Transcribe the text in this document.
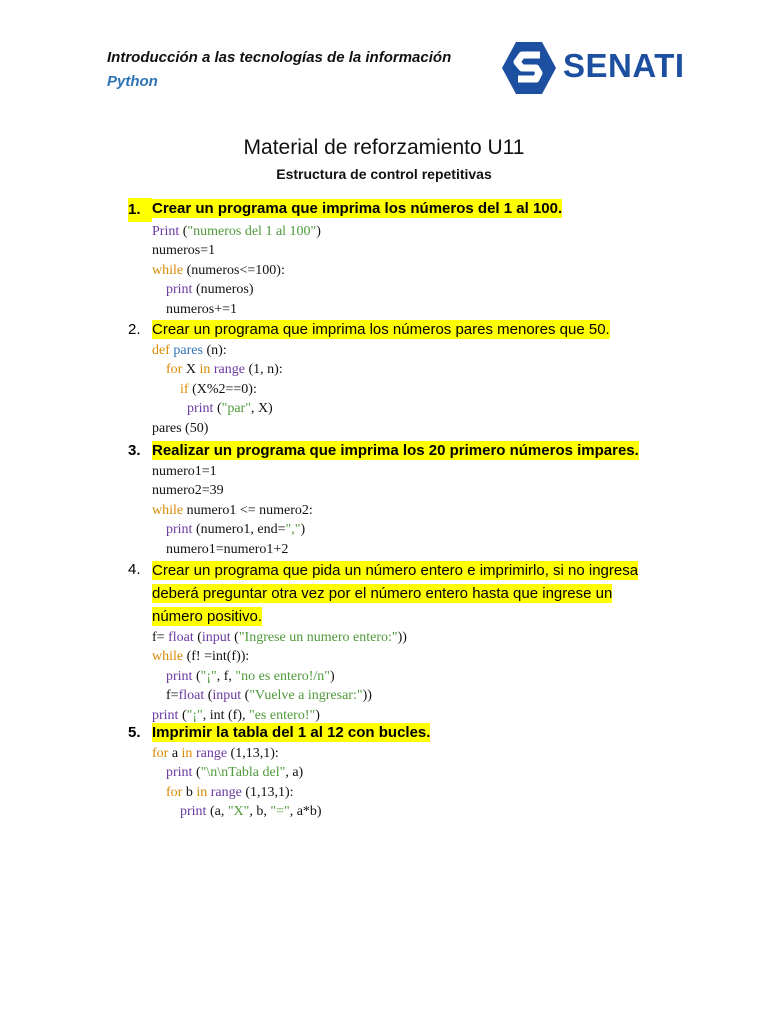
Introducción a las tecnologías de la información
Python	SENATI
Material de reforzamiento U11
Estructura de control repetitivas
1. Crear un programa que imprima los números del 1 al 100.
Print ("numeros del 1 al 100")
numeros=1
while (numeros<=100):
print (numeros)
numeros+=1
2. Crear un programa que imprima los números pares menores que 50.
def pares (n):
for X in range (1, n):
if (X%2==0):
print ("par", X)
pares (50)
3. Realizar un programa que imprima los 20 primero números impares.
numero1=1
numero2=39
while numero1 <= numero2:
print (numero1, end=",")
numero1=numero1+2
4. Crear un programa que pida un número entero e imprimirlo, si no ingresa deberá preguntar otra vez por el número entero hasta que ingrese un número positivo.
f= float (input ("Ingrese un numero entero:"))
while (f! =int(f)):
print ("¡", f, "no es entero!/n")
f=float (input ("Vuelve a ingresar:"))
print ("¡", int (f), "es entero!")
5. Imprimir la tabla del 1 al 12 con bucles.
for a in range (1,13,1):
print ("\n\nTabla del", a)
for b in range (1,13,1):
print (a, "X", b, "=", a*b)
